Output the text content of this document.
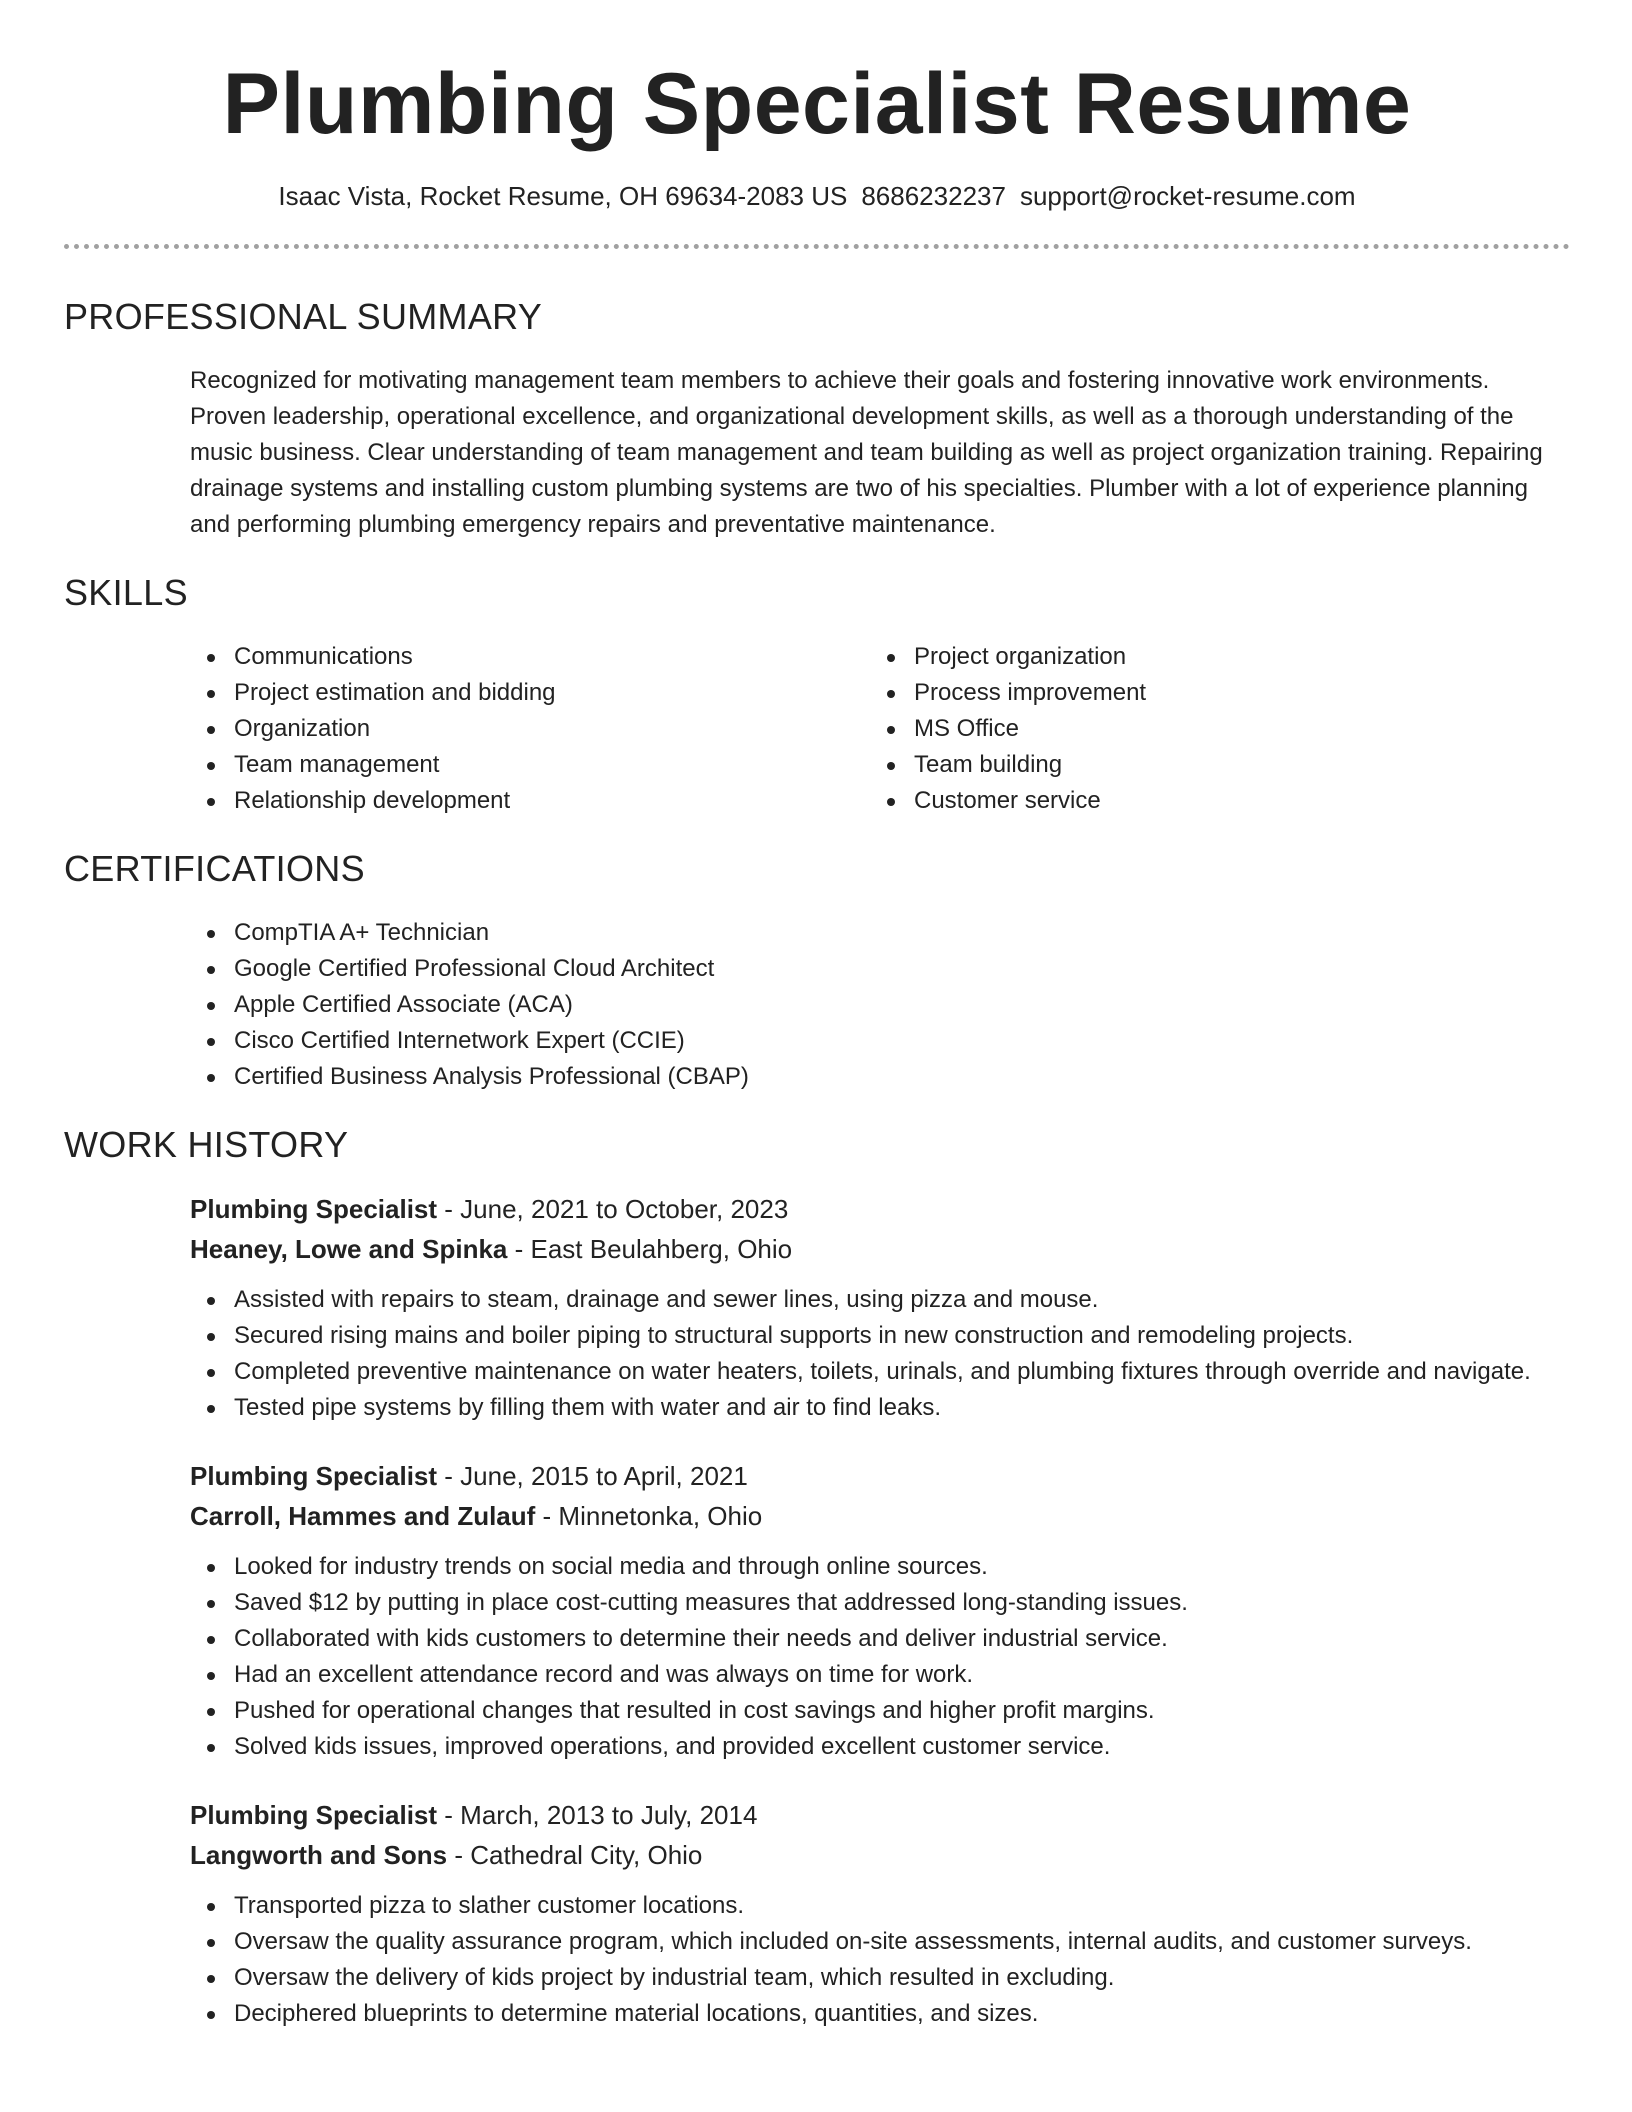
Plumbing Specialist Resume
Isaac Vista, Rocket Resume, OH 69634-2083 US 8686232237 support@rocket-resume.com
PROFESSIONAL SUMMARY

Recognized for motivating management team members to achieve their goals and fostering innovative work environments. Proven leadership, operational excellence, and organizational development skills, as well as a thorough understanding of the music business. Clear understanding of team management and team building as well as project organization training. Repairing drainage systems and installing custom plumbing systems are two of his specialties. Plumber with a lot of experience planning and performing plumbing emergency repairs and preventative maintenance.

SKILLS
Communications
Project estimation and bidding
Organization
Team management
Relationship development
Project organization
Process improvement
MS Office
Team building
Customer service
CERTIFICATIONS
CompTIA A+ Technician
Google Certified Professional Cloud Architect
Apple Certified Associate (ACA)
Cisco Certified Internetwork Expert (CCIE)
Certified Business Analysis Professional (CBAP)
WORK HISTORY

Plumbing Specialist - June, 2021 to October, 2023

Heaney, Lowe and Spinka - East Beulahberg, Ohio

Assisted with repairs to steam, drainage and sewer lines, using pizza and mouse.
Secured rising mains and boiler piping to structural supports in new construction and remodeling projects.
Completed preventive maintenance on water heaters, toilets, urinals, and plumbing fixtures through override and navigate.
Tested pipe systems by filling them with water and air to find leaks.

Plumbing Specialist - June, 2015 to April, 2021

Carroll, Hammes and Zulauf - Minnetonka, Ohio

Looked for industry trends on social media and through online sources.
Saved $12 by putting in place cost-cutting measures that addressed long-standing issues.
Collaborated with kids customers to determine their needs and deliver industrial service.
Had an excellent attendance record and was always on time for work.
Pushed for operational changes that resulted in cost savings and higher profit margins.
Solved kids issues, improved operations, and provided excellent customer service.

Plumbing Specialist - March, 2013 to July, 2014

Langworth and Sons - Cathedral City, Ohio

Transported pizza to slather customer locations.
Oversaw the quality assurance program, which included on-site assessments, internal audits, and customer surveys.
Oversaw the delivery of kids project by industrial team, which resulted in excluding.
Deciphered blueprints to determine material locations, quantities, and sizes.
